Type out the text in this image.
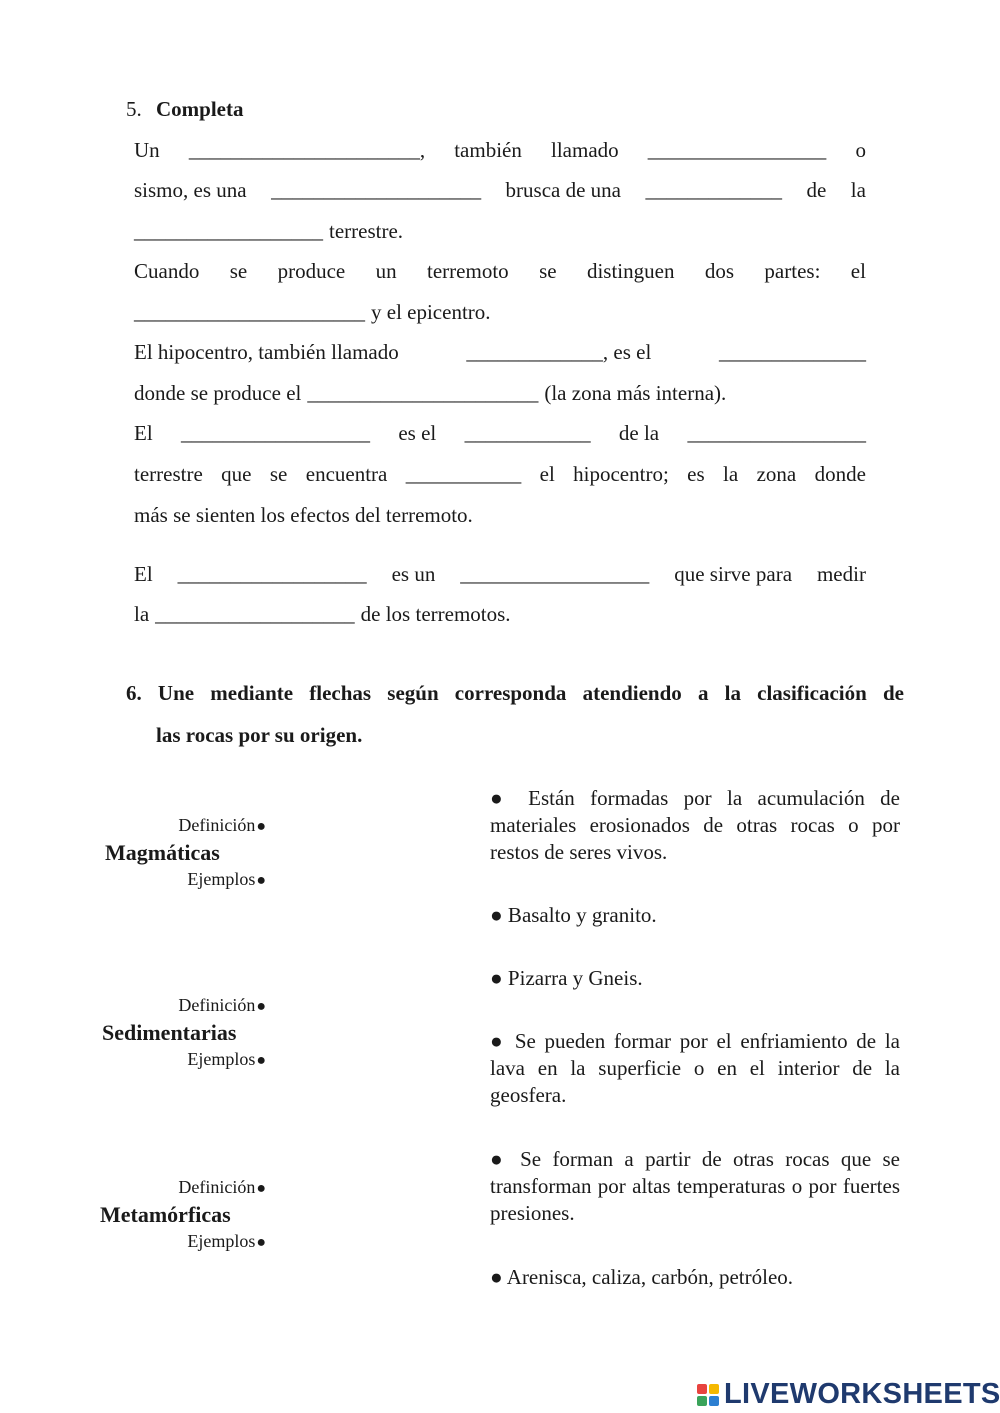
5. Completa
Un ______________________, también llamado _________________ o
sismo, es una ____________________ brusca de una _____________ de la
__________________ terrestre.
Cuando se produce un terremoto se distinguen dos partes: el
______________________ y el epicentro.
El hipocentro, también llamado	_____________, es el	______________
donde se produce el ______________________ (la zona más interna).
El __________________ es el ____________ de la _________________
terrestre que se encuentra ___________ el hipocentro; es la zona donde
más se sienten los efectos del terremoto.
El __________________ es un __________________ que sirve para medir
la ___________________ de los terremotos.
6. Une mediante flechas según corresponda atendiendo a la clasificación de
las rocas por su origen.
Definición●
Magmáticas
Ejemplos●
Definición●
Sedimentarias
Ejemplos●
Definición●
Metamórficas
Ejemplos●
● Están formadas por la acumulación de materiales erosionados de otras rocas o por restos de seres vivos.
● Basalto y granito.
● Pizarra y Gneis.
● Se pueden formar por el enfriamiento de la lava en la superficie o en el interior de la geosfera.
● Se forman a partir de otras rocas que se transforman por altas temperaturas o por fuertes presiones.
● Arenisca, caliza, carbón, petróleo.
LIVEWORKSHEETS
